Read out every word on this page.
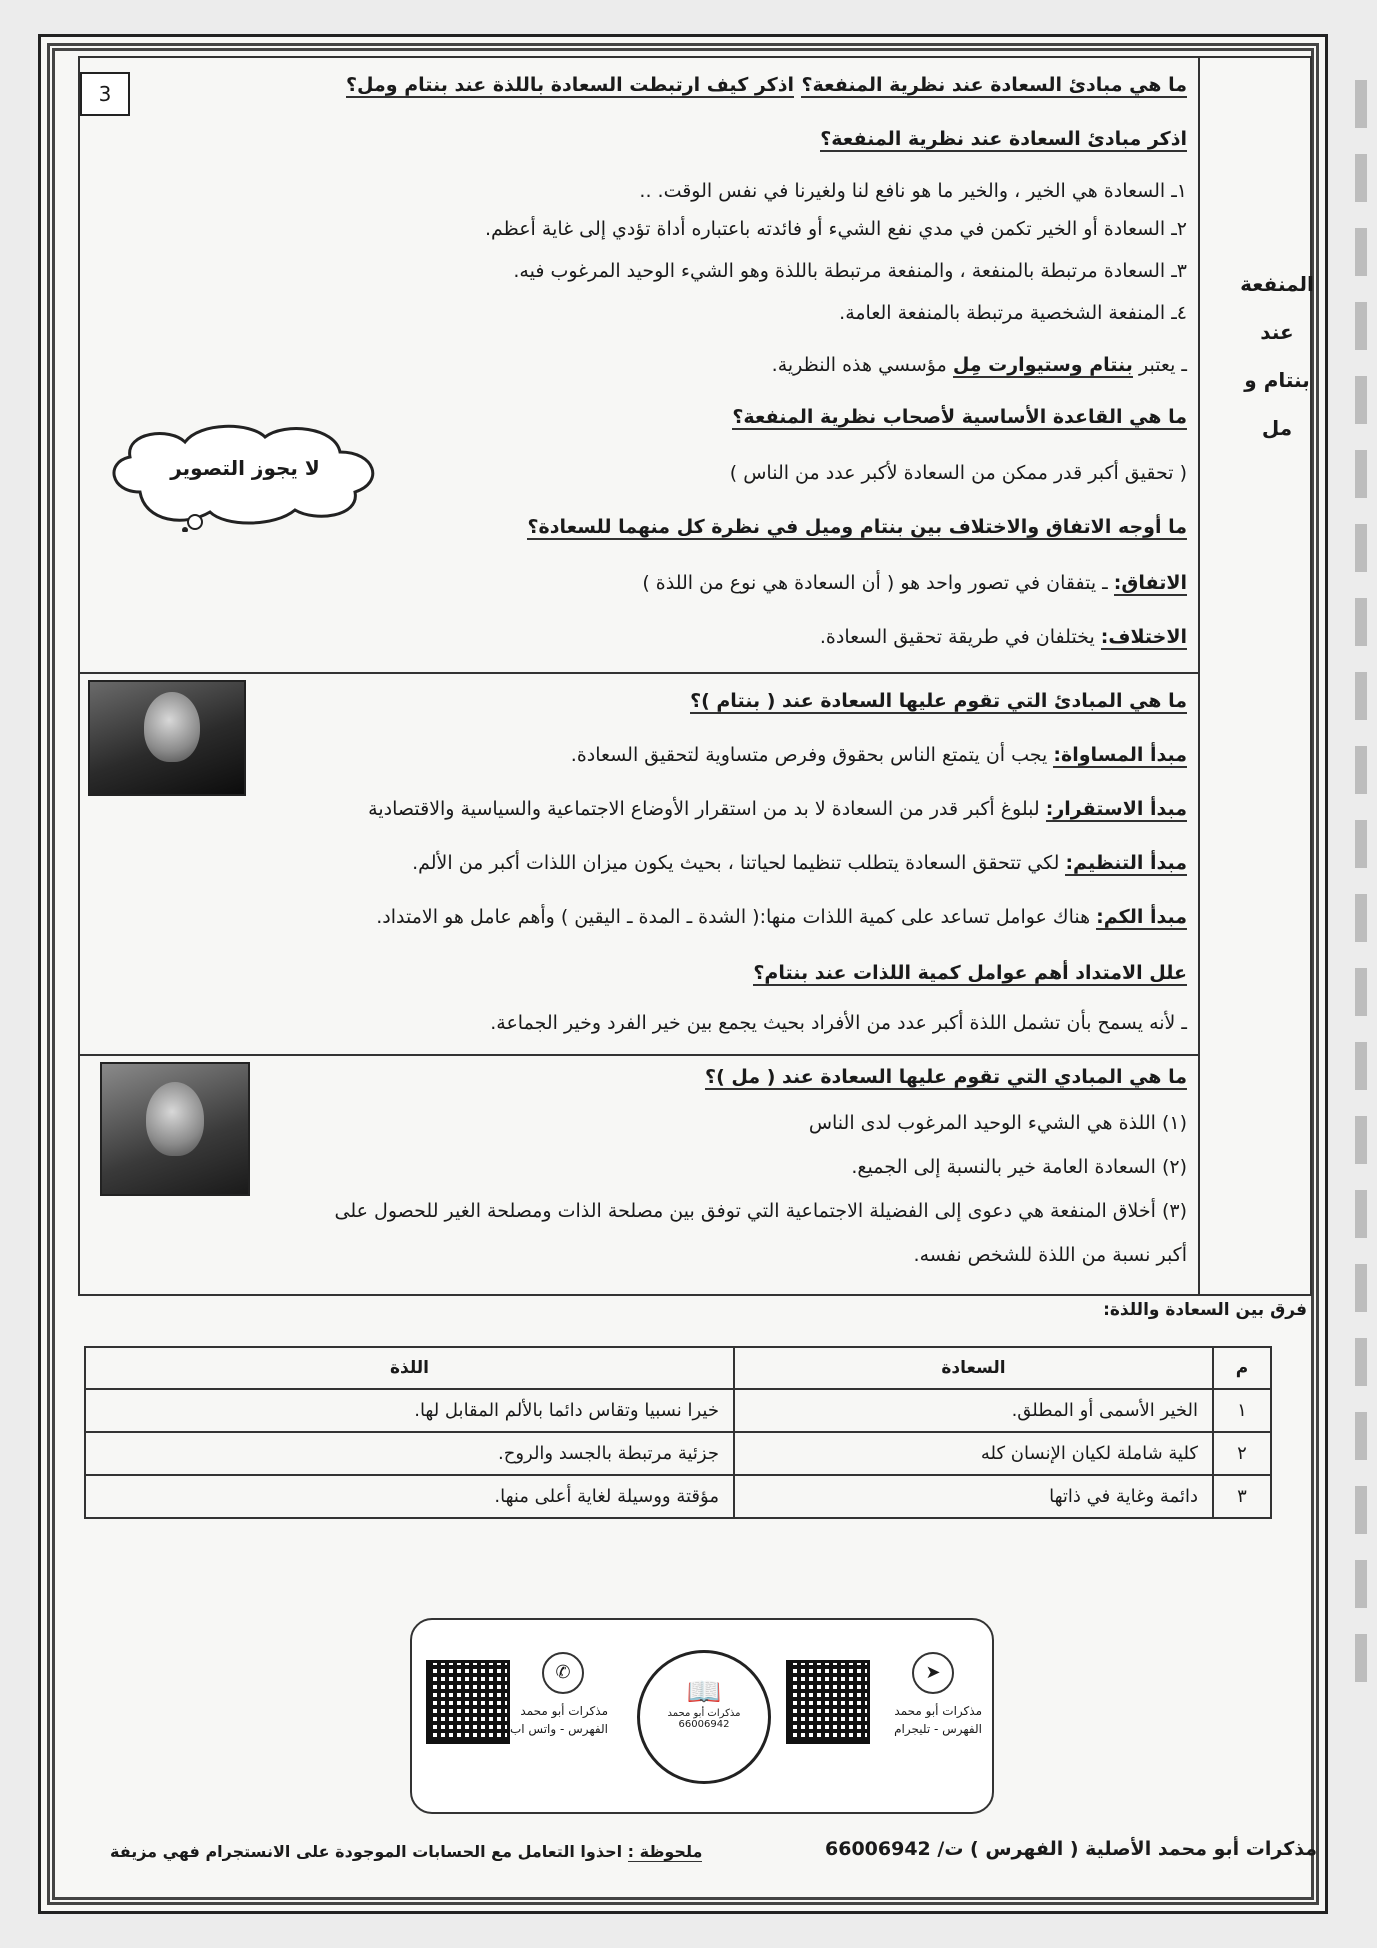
3
المنفعة
عند
بنتام و مل
ما هي مبادئ السعادة عند نظرية المنفعة؟
اذكر كيف ارتبطت السعادة باللذة عند بنتام ومل؟
اذكر مبادئ السعادة عند نظرية المنفعة؟
١ـ السعادة هي الخير ، والخير ما هو نافع لنا ولغيرنا في نفس الوقت. ..
٢ـ السعادة أو الخير تكمن في مدي نفع الشيء أو فائدته باعتباره أداة تؤدي إلى غاية أعظم.
٣ـ السعادة مرتبطة بالمنفعة ، والمنفعة مرتبطة باللذة وهو الشيء الوحيد المرغوب فيه.
٤ـ المنفعة الشخصية مرتبطة بالمنفعة العامة.
ـ يعتبر بنتام وستيوارت مِل مؤسسي هذه النظرية.
ما هي القاعدة الأساسية لأصحاب نظرية المنفعة؟
( تحقيق أكبر قدر ممكن من السعادة لأكبر عدد من الناس )
ما أوجه الاتفاق والاختلاف بين بنتام وميل في نظرة كل منهما للسعادة؟
الاتفاق: ـ يتفقان في تصور واحد هو ( أن السعادة هي نوع من اللذة )
الاختلاف: يختلفان في طريقة تحقيق السعادة.
لا يجوز التصوير
ما هي المبادئ التي تقوم عليها السعادة عند ( بنتام )؟
مبدأ المساواة: يجب أن يتمتع الناس بحقوق وفرص متساوية لتحقيق السعادة.
مبدأ الاستقرار: لبلوغ أكبر قدر من السعادة لا بد من استقرار الأوضاع الاجتماعية والسياسية والاقتصادية
مبدأ التنظيم: لكي تتحقق السعادة يتطلب تنظيما لحياتنا ، بحيث يكون ميزان اللذات أكبر من الألم.
مبدأ الكم: هناك عوامل تساعد على كمية اللذات منها:( الشدة ـ المدة ـ اليقين ) وأهم عامل هو الامتداد.
علل الامتداد أهم عوامل كمية اللذات عند بنتام؟
ـ لأنه يسمح بأن تشمل اللذة أكبر عدد من الأفراد بحيث يجمع بين خير الفرد وخير الجماعة.
ما هي المبادي التي تقوم عليها السعادة عند ( مل )؟
(١) اللذة هي الشيء الوحيد المرغوب لدى الناس
(٢) السعادة العامة خير بالنسبة إلى الجميع.
(٣) أخلاق المنفعة هي دعوى إلى الفضيلة الاجتماعية التي توفق بين مصلحة الذات ومصلحة الغير للحصول على
أكبر نسبة من اللذة للشخص نفسه.
فرق بين السعادة واللذة:
م	السعادة	اللذة
١	الخير الأسمى أو المطلق.	خيرا نسبيا وتقاس دائما بالألم المقابل لها.
٢	كلية شاملة لكيان الإنسان كله	جزئية مرتبطة بالجسد والروح.
٣	دائمة وغاية في ذاتها	مؤقتة ووسيلة لغاية أعلى منها.
➤
مذكرات أبو محمد
الفهرس - تليجرام
📖
مذكرات أبو محمد
66006942
✆
مذكرات أبو محمد
الفهرس - واتس اب
مذكرات أبو محمد الأصلية ( الفهرس ) ت/ 66006942
ملحوظة : احذوا التعامل مع الحسابات الموجودة على الانستجرام فهي مزيفة
